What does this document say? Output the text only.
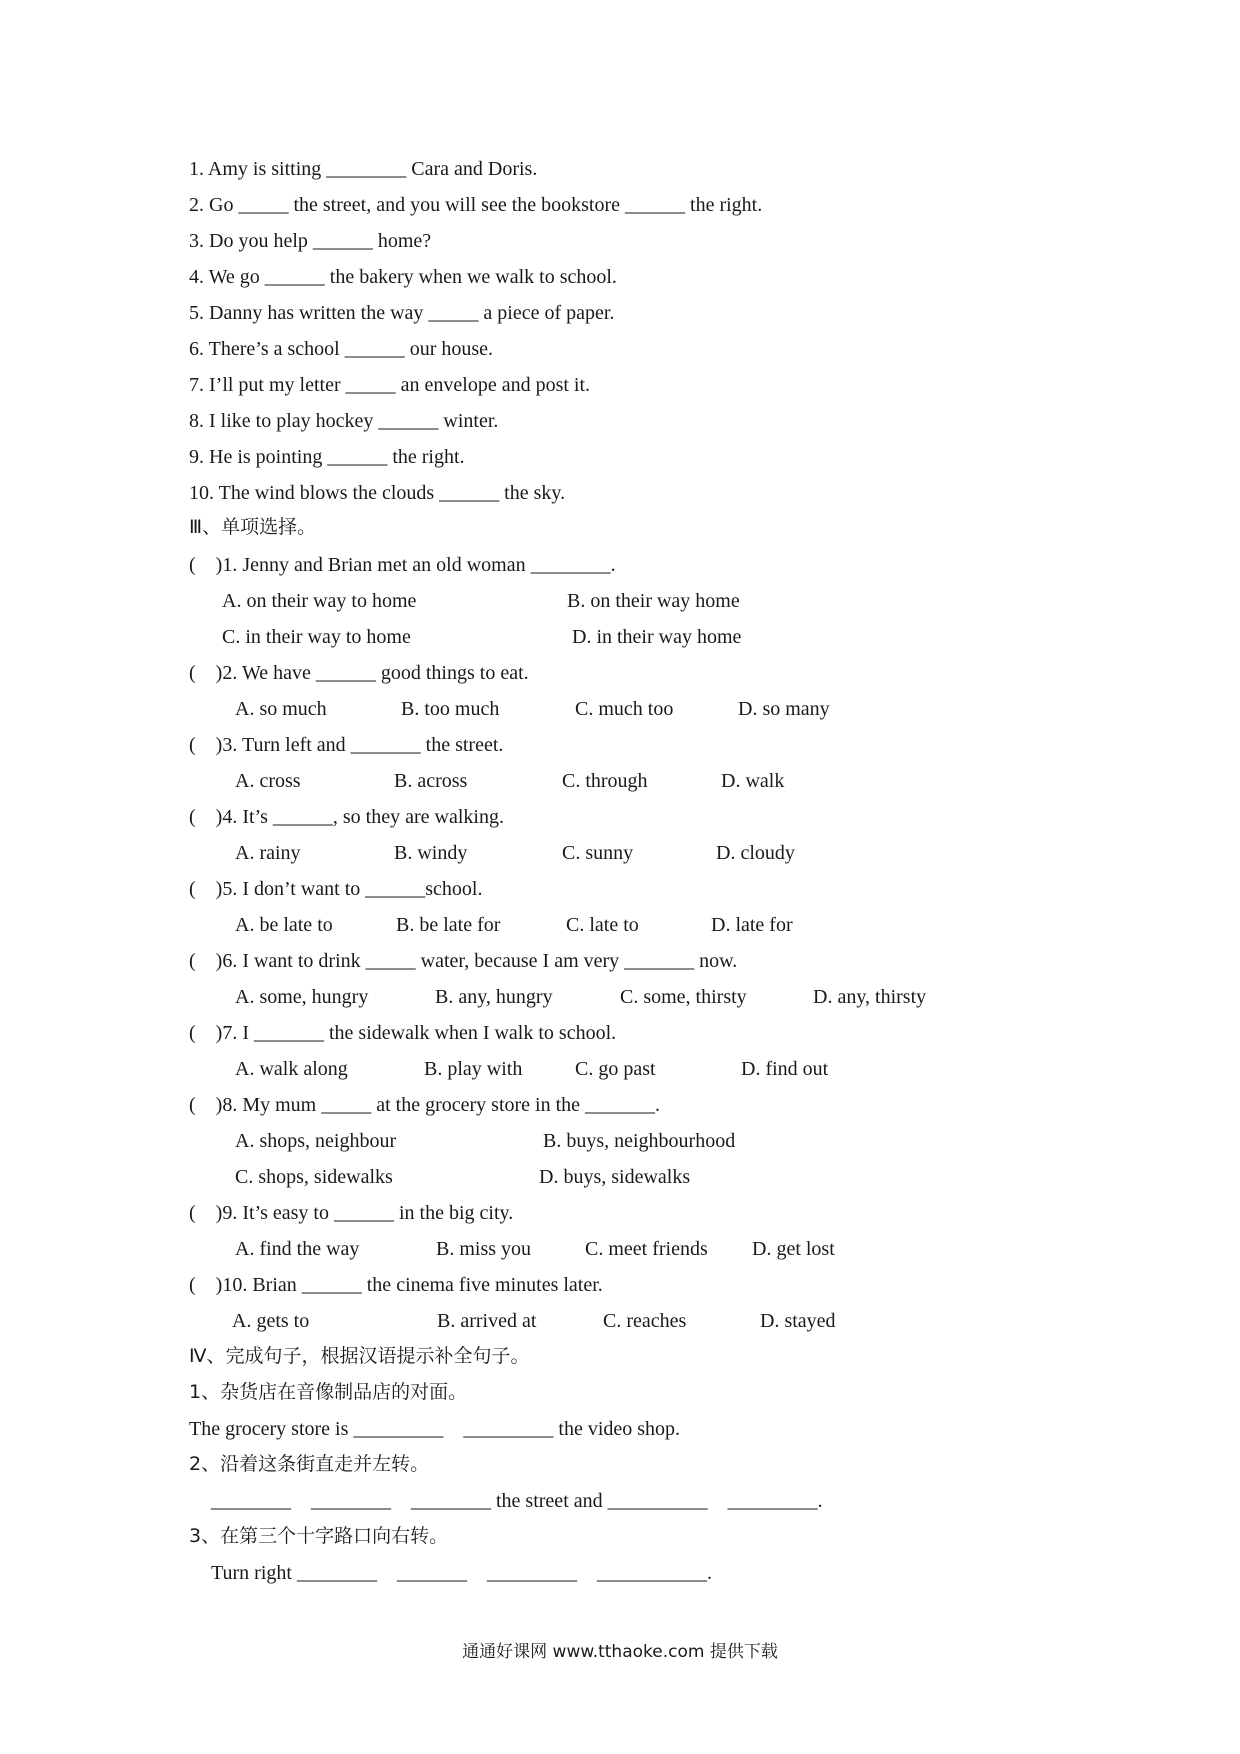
1. Amy is sitting ________ Cara and Doris.
2. Go _____ the street, and you will see the bookstore ______ the right.
3. Do you help ______ home?
4. We go ______ the bakery when we walk to school.
5. Danny has written the way _____ a piece of paper.
6. There’s a school ______ our house.
7. I’ll put my letter _____ an envelope and post it.
8. I like to play hockey ______ winter.
9. He is pointing ______ the right.
10. The wind blows the clouds ______ the sky.
Ⅲ、单项选择。
(    )1. Jenny and Brian met an old woman ________.
A. on their way to home	B. on their way home
C. in their way to home	D. in their way home
(    )2. We have ______ good things to eat.
A. so much	B. too much	C. much too	D. so many
(    )3. Turn left and _______ the street.
A. cross	B. across	C. through	D. walk
(    )4. It’s ______, so they are walking.
A. rainy	B. windy	C. sunny	D. cloudy
(    )5. I don’t want to ______school.
A. be late to	B. be late for	C. late to	D. late for
(    )6. I want to drink _____ water, because I am very _______ now.
A. some, hungry	B. any, hungry	C. some, thirsty	D. any, thirsty
(    )7. I _______ the sidewalk when I walk to school.
A. walk along	B. play with	C. go past	D. find out
(    )8. My mum _____ at the grocery store in the _______.
A. shops, neighbour	B. buys, neighbourhood
C. shops, sidewalks	D. buys, sidewalks
(    )9. It’s easy to ______ in the big city.
A. find the way	B. miss you	C. meet friends D. get lost
(    )10. Brian ______ the cinema five minutes later.
A. gets to	B. arrived at	C. reaches	D. stayed
Ⅳ、完成句子，根据汉语提示补全句子。
1、杂货店在音像制品店的对面。
The grocery store is _________    _________ the video shop.
2、沿着这条街直走并左转。
________    ________    ________ the street and __________    _________.
3、在第三个十字路口向右转。
Turn right ________    _______    _________    ___________.
通通好课网 www.tthaoke.com 提供下载
